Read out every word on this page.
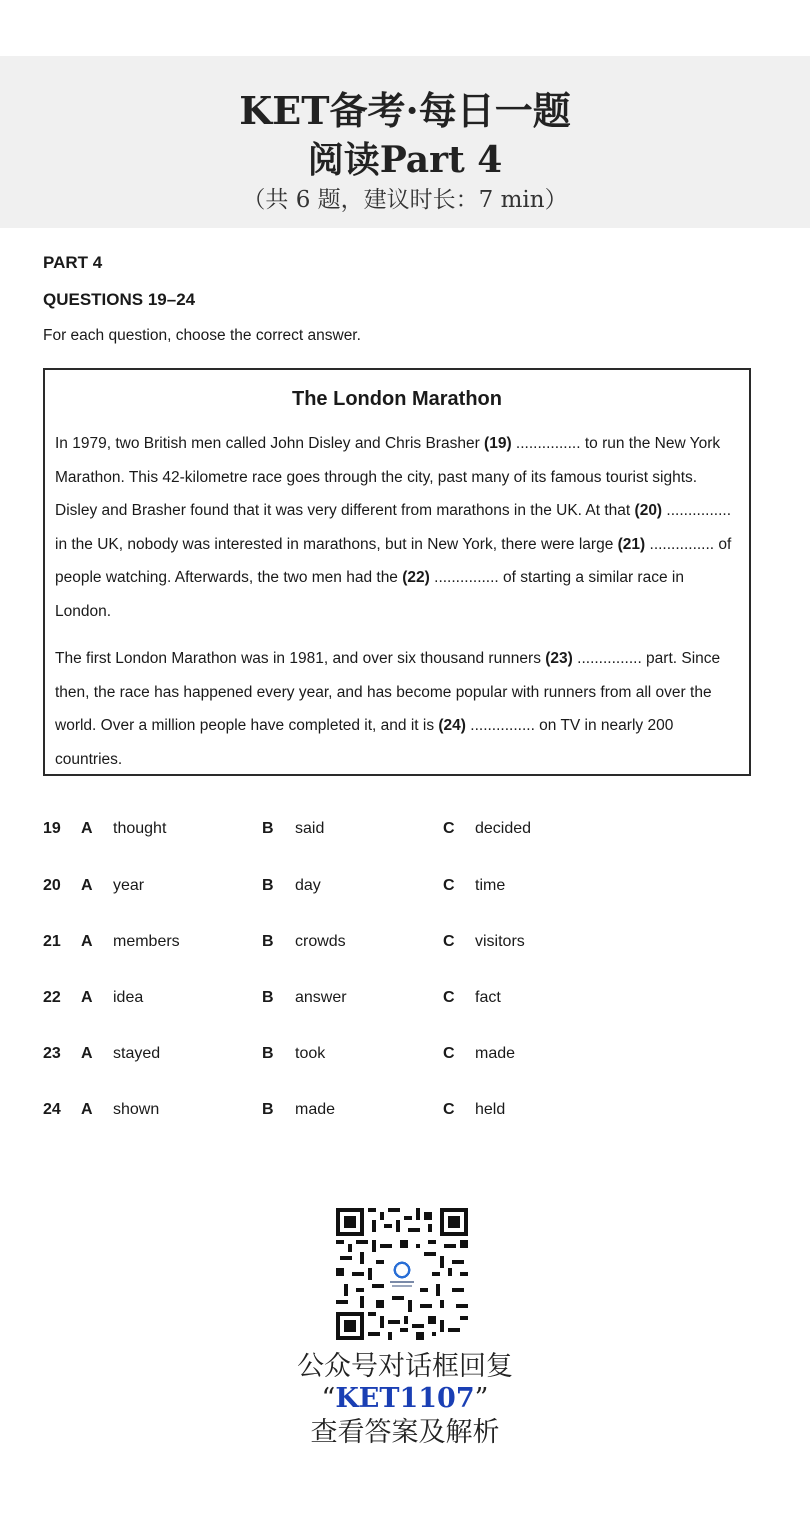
KET备考·每日一题
阅读Part 4
（共 6 题，建议时长：7 min）
PART 4
QUESTIONS 19–24
For each question, choose the correct answer.
The London Marathon

In 1979, two British men called John Disley and Chris Brasher (19) ............... to run the New York Marathon. This 42-kilometre race goes through the city, past many of its famous tourist sights. Disley and Brasher found that it was very different from marathons in the UK. At that (20) ............... in the UK, nobody was interested in marathons, but in New York, there were large (21) ............... of people watching. Afterwards, the two men had the (22) ............... of starting a similar race in London.

The first London Marathon was in 1981, and over six thousand runners (23) ............... part. Since then, the race has happened every year, and has become popular with runners from all over the world. Over a million people have completed it, and it is (24) ............... on TV in nearly 200 countries.

19 A thought	B said	C decided
20 A year	B day	C time
21 A members	B crowds	C visitors
22 A idea	B answer	C fact
23 A stayed	B took	C made
24 A shown	B made	C held
公众号对话框回复
“KET1107”
查看答案及解析
